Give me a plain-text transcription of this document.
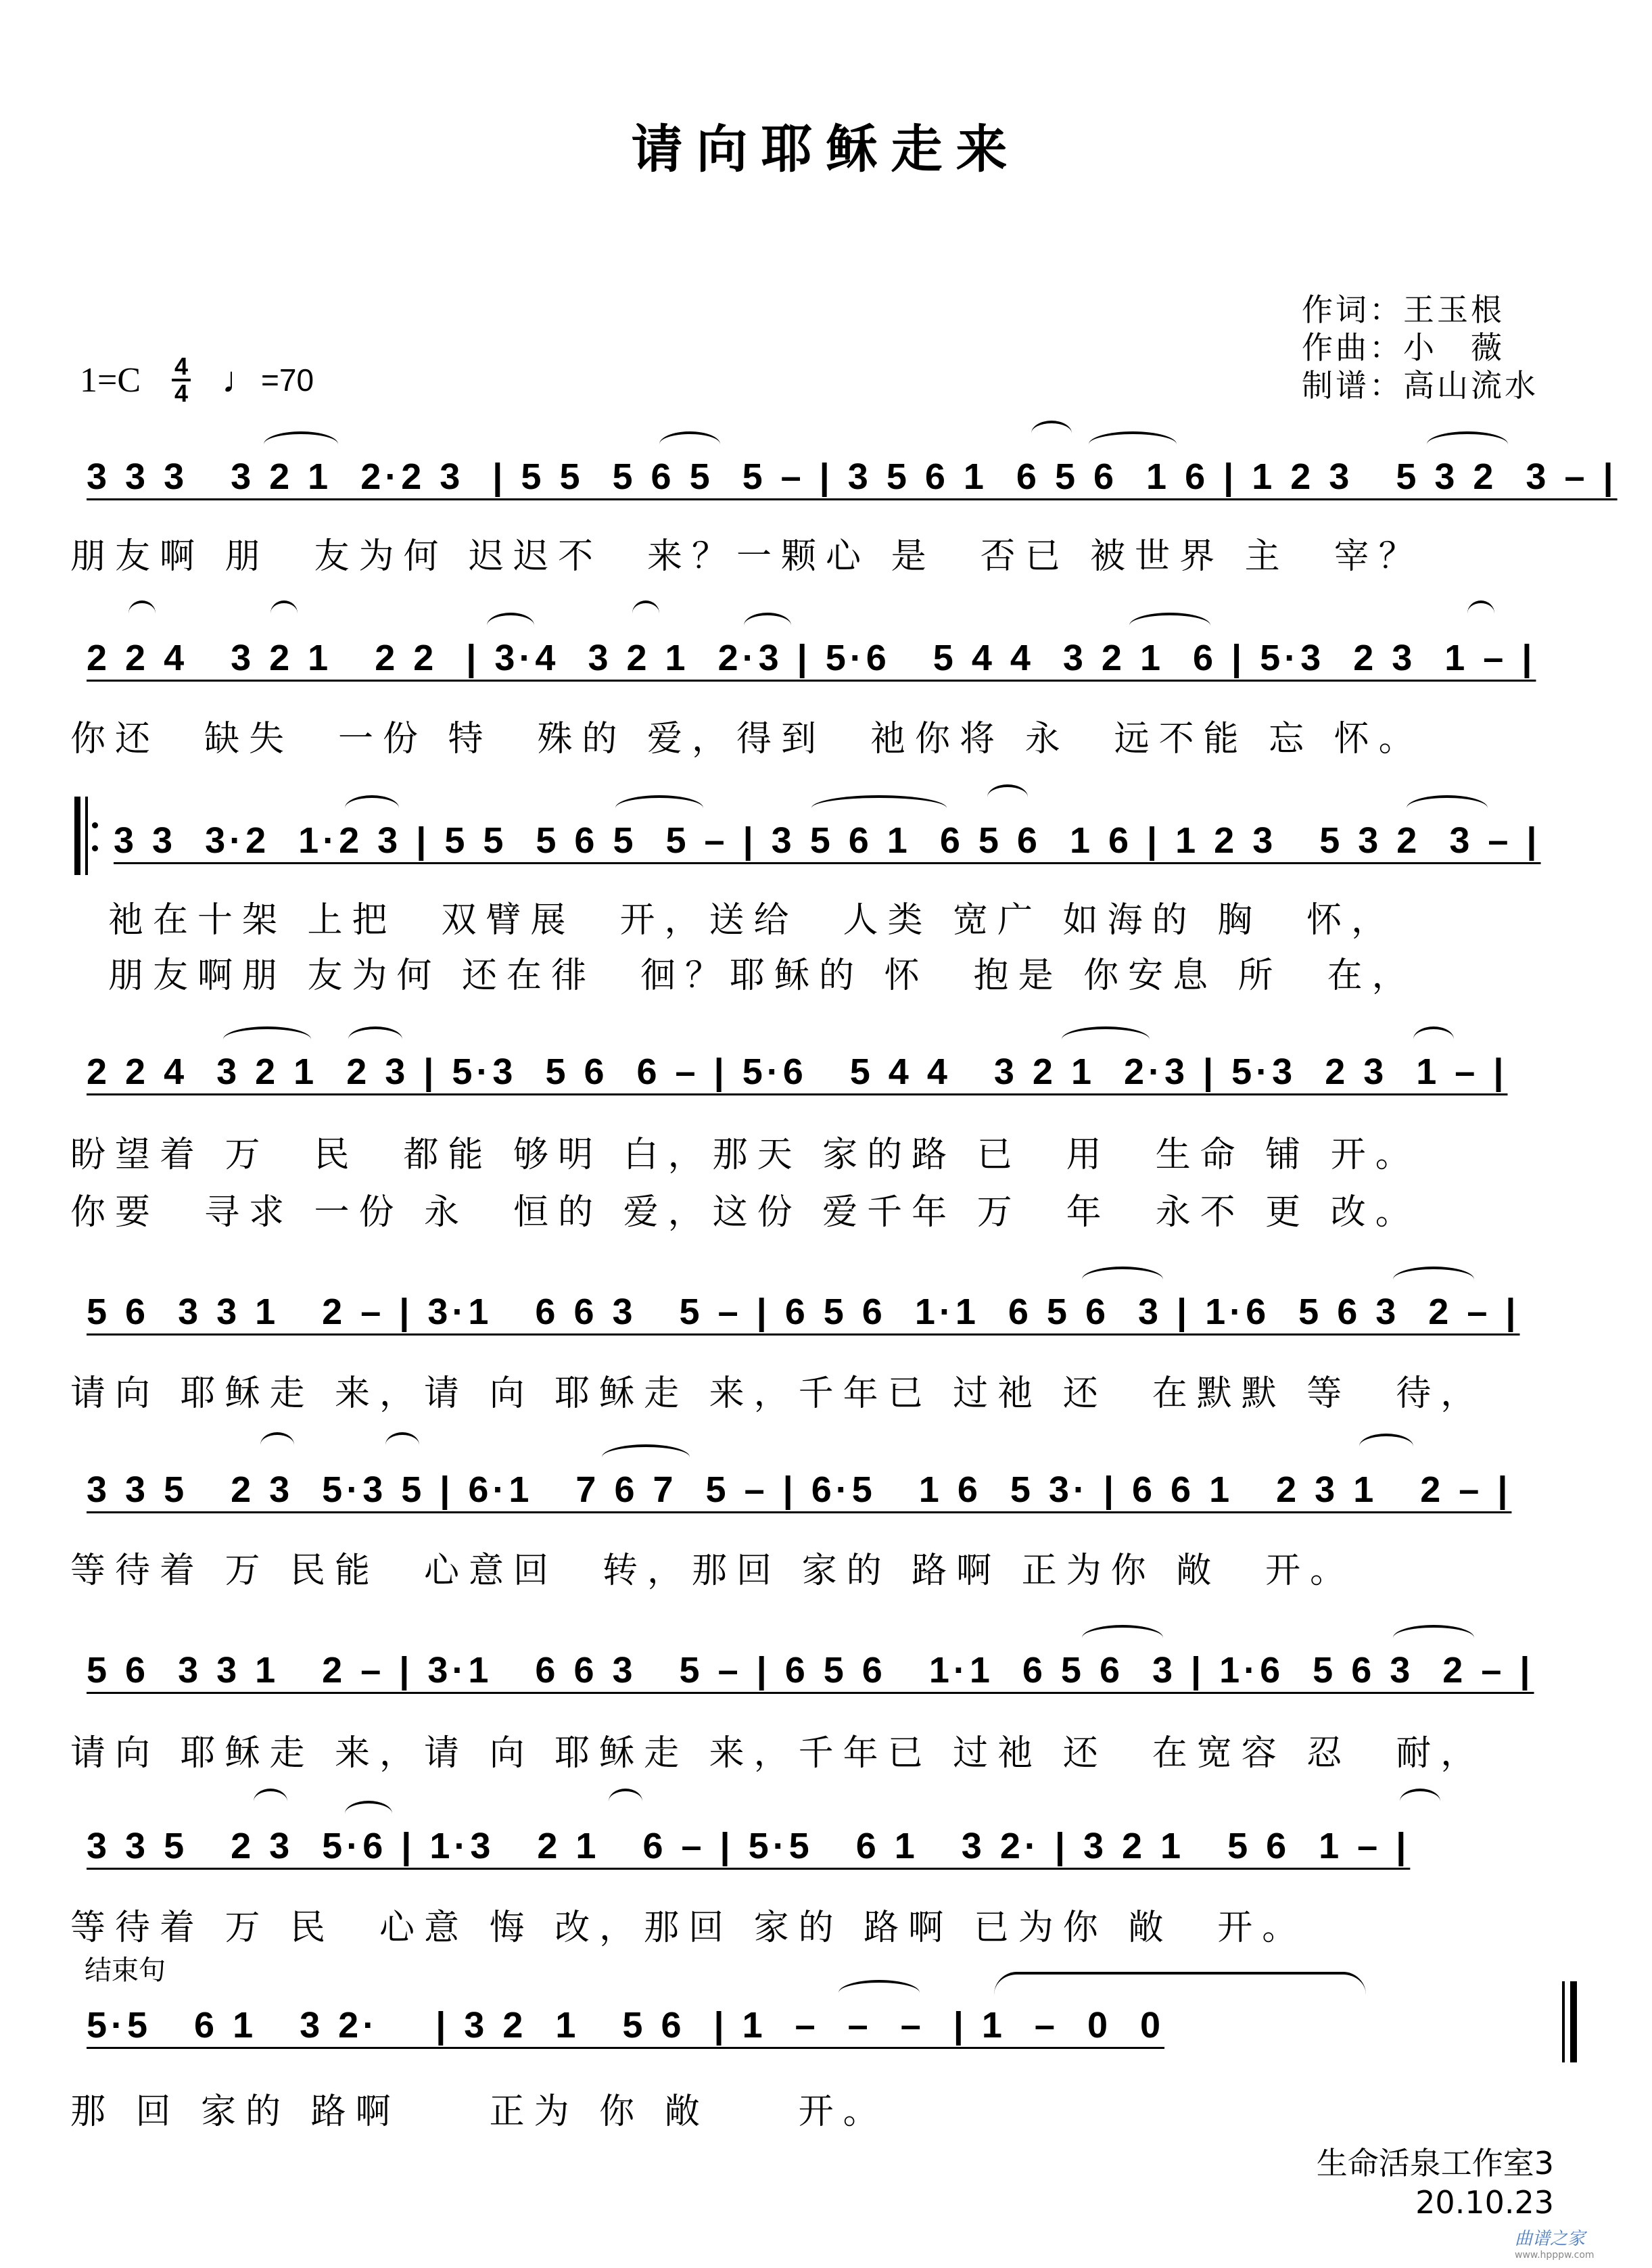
请向耶稣走来
作词：王玉根
作曲：小　薇
制谱：高山流水
1=C 4
4 ♩ =70
3 3 3   3 2 1  2·2 3  | 5 5  5 6 5  5 – | 3 5 6 1  6 5 6  1 6 | 1 2 3   5 3 2  3 – |
朋友啊 朋　友为何 迟迟不　来？一颗心 是　否已 被世界 主　宰？
2 2 4   3 2 1   2 2  | 3·4  3 2 1  2·3 | 5·6   5 4 4  3 2 1  6 | 5·3  2 3  1 – |
你还　缺失　一份 特　殊的 爱，得到　祂你将 永　远不能 忘 怀。
3 3  3·2  1·2 3 | 5 5  5 6 5  5 – | 3 5 6 1  6 5 6  1 6 | 1 2 3   5 3 2  3 – |
祂在十架 上把　双臂展　开，送给　人类 宽广 如海的 胸　怀，
朋友啊朋 友为何 还在徘　徊？耶稣的 怀　抱是 你安息 所　在，
2 2 4  3 2 1  2 3 | 5·3  5 6  6 – | 5·6   5 4 4   3 2 1  2·3 | 5·3  2 3  1 – |
盼望着 万　民　都能 够明 白，那天 家的路 已　用　生命 铺 开。
你要　寻求 一份 永　恒的 爱，这份 爱千年 万　年　永不 更 改。
5 6  3 3 1   2 – | 3·1   6 6 3   5 – | 6 5 6  1·1  6 5 6  3 | 1·6  5 6 3  2 – |
请向 耶稣走 来，请 向 耶稣走 来，千年已 过祂 还　在默默 等　待，
3 3 5   2 3  5·3 5 | 6·1   7 6 7  5 – | 6·5   1 6  5 3· | 6 6 1   2 3 1   2 – |
等待着 万 民能　心意回　转，那回 家的 路啊 正为你 敞　开。
5 6  3 3 1   2 – | 3·1   6 6 3   5 – | 6 5 6   1·1  6 5 6  3 | 1·6  5 6 3  2 – |
请向 耶稣走 来，请 向 耶稣走 来，千年已 过祂 还　在宽容 忍　耐，
3 3 5   2 3  5·6 | 1·3   2 1   6 – | 5·5   6 1   3 2· | 3 2 1   5 6  1 – |
等待着 万 民　心意 悔 改，那回 家的 路啊 已为你 敞　开。
结束句
5·5   6 1   3 2·    | 3 2  1   5 6  | 1  –  –  –  | 1  –  0  0
那 回 家的 路啊　　正为 你 敞　　开。
生命活泉工作室3
20.10.23
曲谱之家
www.hpppw.com
